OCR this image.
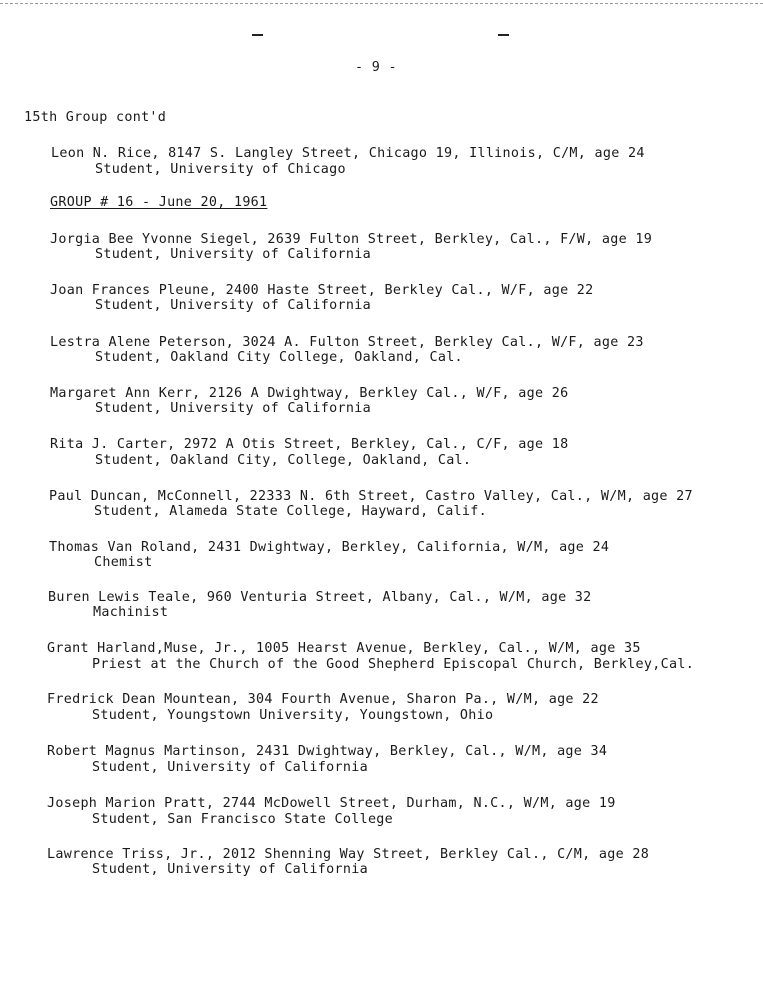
- 9 -
15th Group cont'd
Leon N. Rice, 8147 S. Langley Street, Chicago 19, Illinois, C/M, age 24
Student, University of Chicago
GROUP # 16 - June 20, 1961
Jorgia Bee Yvonne Siegel, 2639 Fulton Street, Berkley, Cal., F/W, age 19
Student, University of California
Joan Frances Pleune, 2400 Haste Street, Berkley Cal., W/F, age 22
Student, University of California
Lestra Alene Peterson, 3024 A. Fulton Street, Berkley Cal., W/F, age 23
Student, Oakland City College, Oakland, Cal.
Margaret Ann Kerr, 2126 A Dwightway, Berkley Cal., W/F, age 26
Student, University of California
Rita J. Carter, 2972 A Otis Street, Berkley, Cal., C/F, age 18
Student, Oakland City, College, Oakland, Cal.
Paul Duncan, McConnell, 22333 N. 6th Street, Castro Valley, Cal., W/M, age 27
Student, Alameda State College, Hayward, Calif.
Thomas Van Roland, 2431 Dwightway, Berkley, California, W/M, age 24
Chemist
Buren Lewis Teale, 960 Venturia Street, Albany, Cal., W/M, age 32
Machinist
Grant Harland,Muse, Jr., 1005 Hearst Avenue, Berkley, Cal., W/M, age 35
Priest at the Church of the Good Shepherd Episcopal Church, Berkley,Cal.
Fredrick Dean Mountean, 304 Fourth Avenue, Sharon Pa., W/M, age 22
Student, Youngstown University, Youngstown, Ohio
Robert Magnus Martinson, 2431 Dwightway, Berkley, Cal., W/M, age 34
Student, University of California
Joseph Marion Pratt, 2744 McDowell Street, Durham, N.C., W/M, age 19
Student, San Francisco State College
Lawrence Triss, Jr., 2012 Shenning Way Street, Berkley Cal., C/M, age 28
Student, University of California
